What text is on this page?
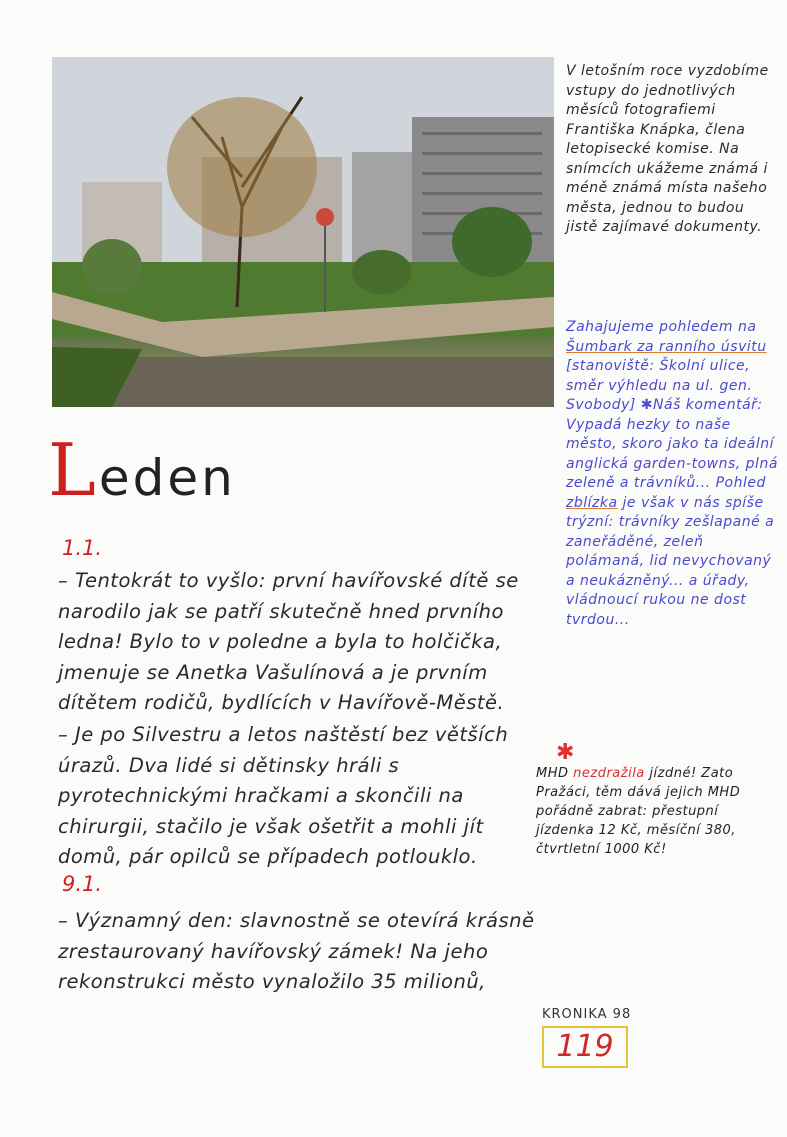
V letošním roce vyzdobíme vstupy do jednotlivých měsíců fotografiemi Františka Knápka, člena letopisecké komise. Na snímcích ukážeme známá i méně známá místa našeho města, jednou to budou jistě zajímavé dokumenty.
Zahajujeme pohledem na Šumbark za ranního úsvitu [stanoviště: Školní ulice, směr výhledu na ul. gen. Svobody] ✱Náš komentář: Vypadá hezky to naše město, skoro jako ta ideální anglická garden-towns, plná zeleně a trávníků... Pohled zblízka je však v nás spíše trýzní: trávníky zešlapané a zaneřáděné, zeleň polámaná, lid nevychovaný a neukázněný... a úřady, vládnoucí rukou ne dost tvrdou...
✱
MHD nezdražila jízdné! Zato Pražáci, těm dává jejich MHD pořádně zabrat: přestupní jízdenka 12 Kč, měsíční 380, čtvrtletní 1000 Kč!
Leden
1.1.
– Tentokrát to vyšlo: první havířovské dítě se narodilo jak se patří skutečně hned prvního ledna! Bylo to v poledne a byla to holčička, jmenuje se Anetka Vašulínová a je prvním dítětem rodičů, bydlících v Havířově-Městě.
– Je po Silvestru a letos naštěstí bez větších úrazů. Dva lidé si dětinsky hráli s pyrotechnickými hračkami a skončili na chirurgii, stačilo je však ošetřit a mohli jít domů, pár opilců se případech potlouklo.
9.1.
– Významný den: slavnostně se otevírá krásně zrestaurovaný havířovský zámek! Na jeho rekonstrukci město vynaložilo 35 milionů,
KRONIKA 98
119
